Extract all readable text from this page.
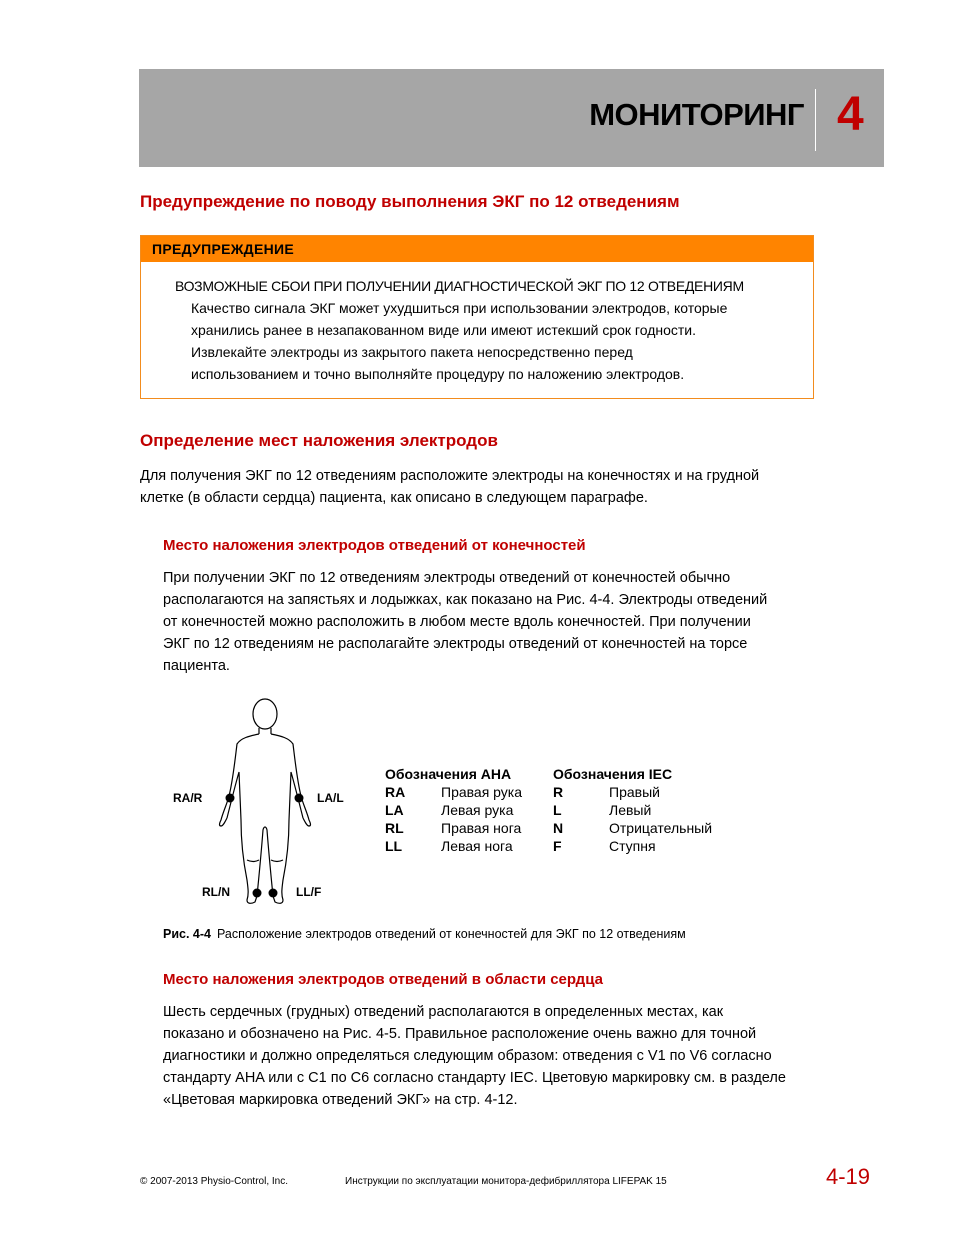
МОНИТОРИНГ 4
Предупреждение по поводу выполнения ЭКГ по 12 отведениям
ПРЕДУПРЕЖДЕНИЕ
ВОЗМОЖНЫЕ СБОИ ПРИ ПОЛУЧЕНИИ ДИАГНОСТИЧЕСКОЙ ЭКГ ПО 12 ОТВЕДЕНИЯМ
Качество сигнала ЭКГ может ухудшиться при использовании электродов, которые
хранились ранее в незапакованном виде или имеют истекший срок годности.
Извлекайте электроды из закрытого пакета непосредственно перед
использованием и точно выполняйте процедуру по наложению электродов.
Определение мест наложения электродов
Для получения ЭКГ по 12 отведениям расположите электроды на конечностях и на грудной
клетке (в области сердца) пациента, как описано в следующем параграфе.
Место наложения электродов отведений от конечностей
При получении ЭКГ по 12 отведениям электроды отведений от конечностей обычно
располагаются на запястьях и лодыжках, как показано на Рис. 4-4. Электроды отведений
от конечностей можно расположить в любом месте вдоль конечностей. При получении
ЭКГ по 12 отведениям не располагайте электроды отведений от конечностей на торсе
пациента.
RA/R	LA/L
RL/N	LL/F
Обозначения AHA		Обозначения IEC	
RA	Правая рука	R	Правый
LA	Левая рука	L	Левый
RL	Правая нога	N	Отрицательный
LL	Левая нога	F	Ступня
Рис. 4-4 Расположение электродов отведений от конечностей для ЭКГ по 12 отведениям
Место наложения электродов отведений в области сердца
Шесть сердечных (грудных) отведений располагаются в определенных местах, как
показано и обозначено на Рис. 4-5. Правильное расположение очень важно для точной
диагностики и должно определяться следующим образом: отведения с V1 по V6 согласно
стандарту AHA или с C1 по C6 согласно стандарту IEC. Цветовую маркировку см. в разделе
«Цветовая маркировка отведений ЭКГ» на стр. 4-12.
© 2007-2013 Physio-Control, Inc.	Инструкции по эксплуатации монитора-дефибриллятора LIFEPAK 15	4-19
